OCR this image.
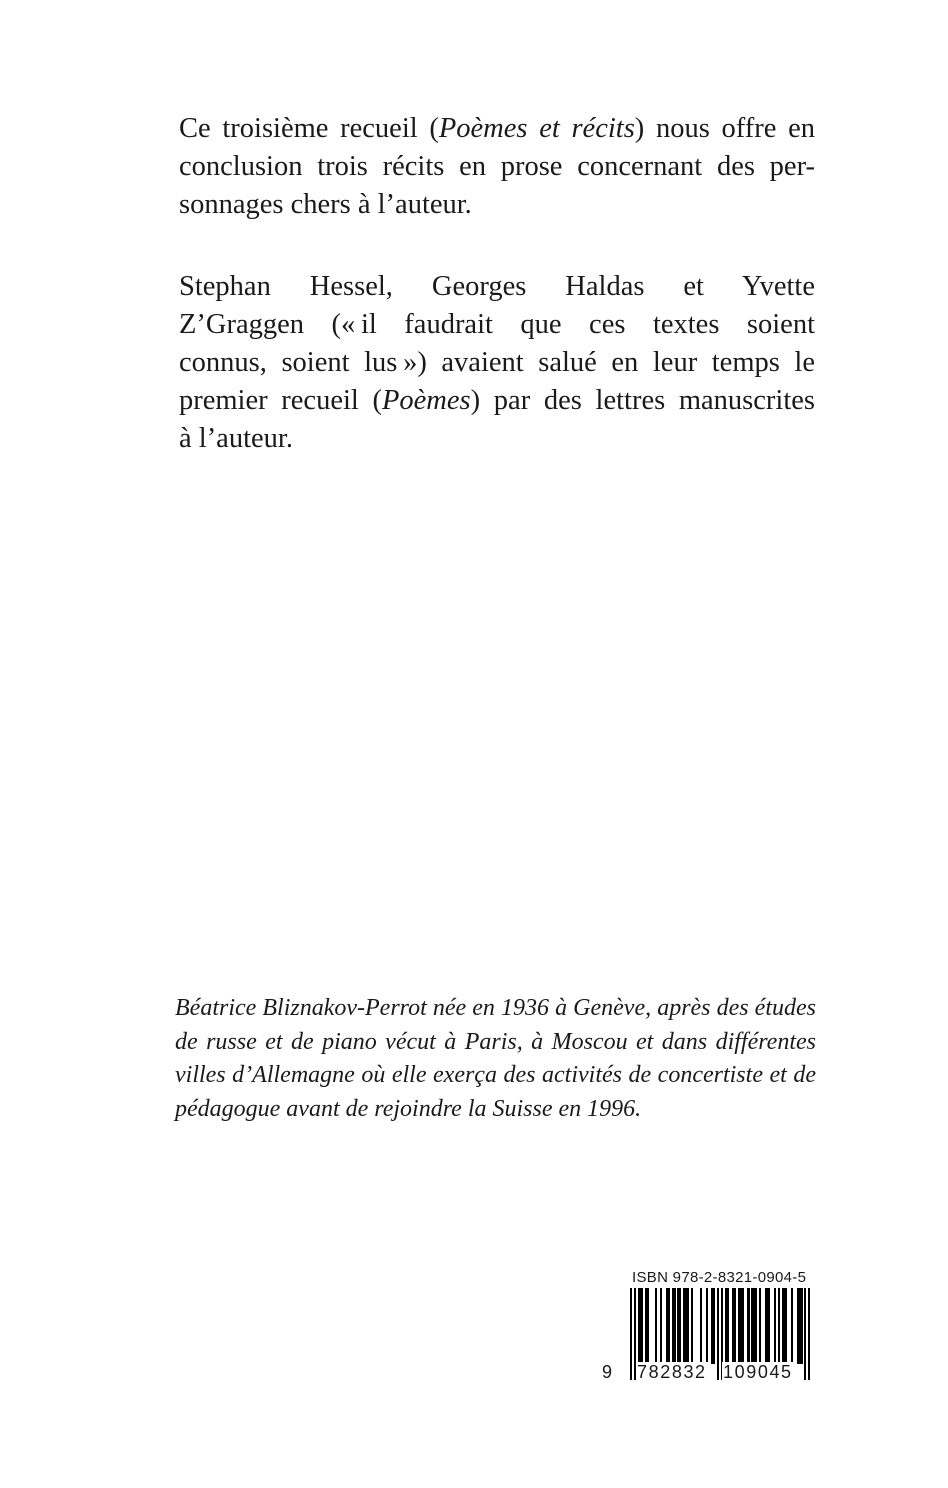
Ce troisième recueil (Poèmes et récits) nous offre en
conclusion trois récits en prose concernant des per-
sonnages chers à l’auteur.

Stephan Hessel, Georges Haldas et Yvette
Z’Graggen (« il faudrait que ces textes soient
connus, soient lus ») avaient salué en leur temps le
premier recueil (Poèmes) par des lettres manuscrites
à l’auteur.

Béatrice Bliznakov-Perrot née en 1936 à Genève, après des études
de russe et de piano vécut à Paris, à Moscou et dans différentes
villes d’Allemagne où elle exerça des activités de concertiste et de
pédagogue avant de rejoindre la Suisse en 1996.

ISBN 978-2-8321-0904-5
9 782832 109045
